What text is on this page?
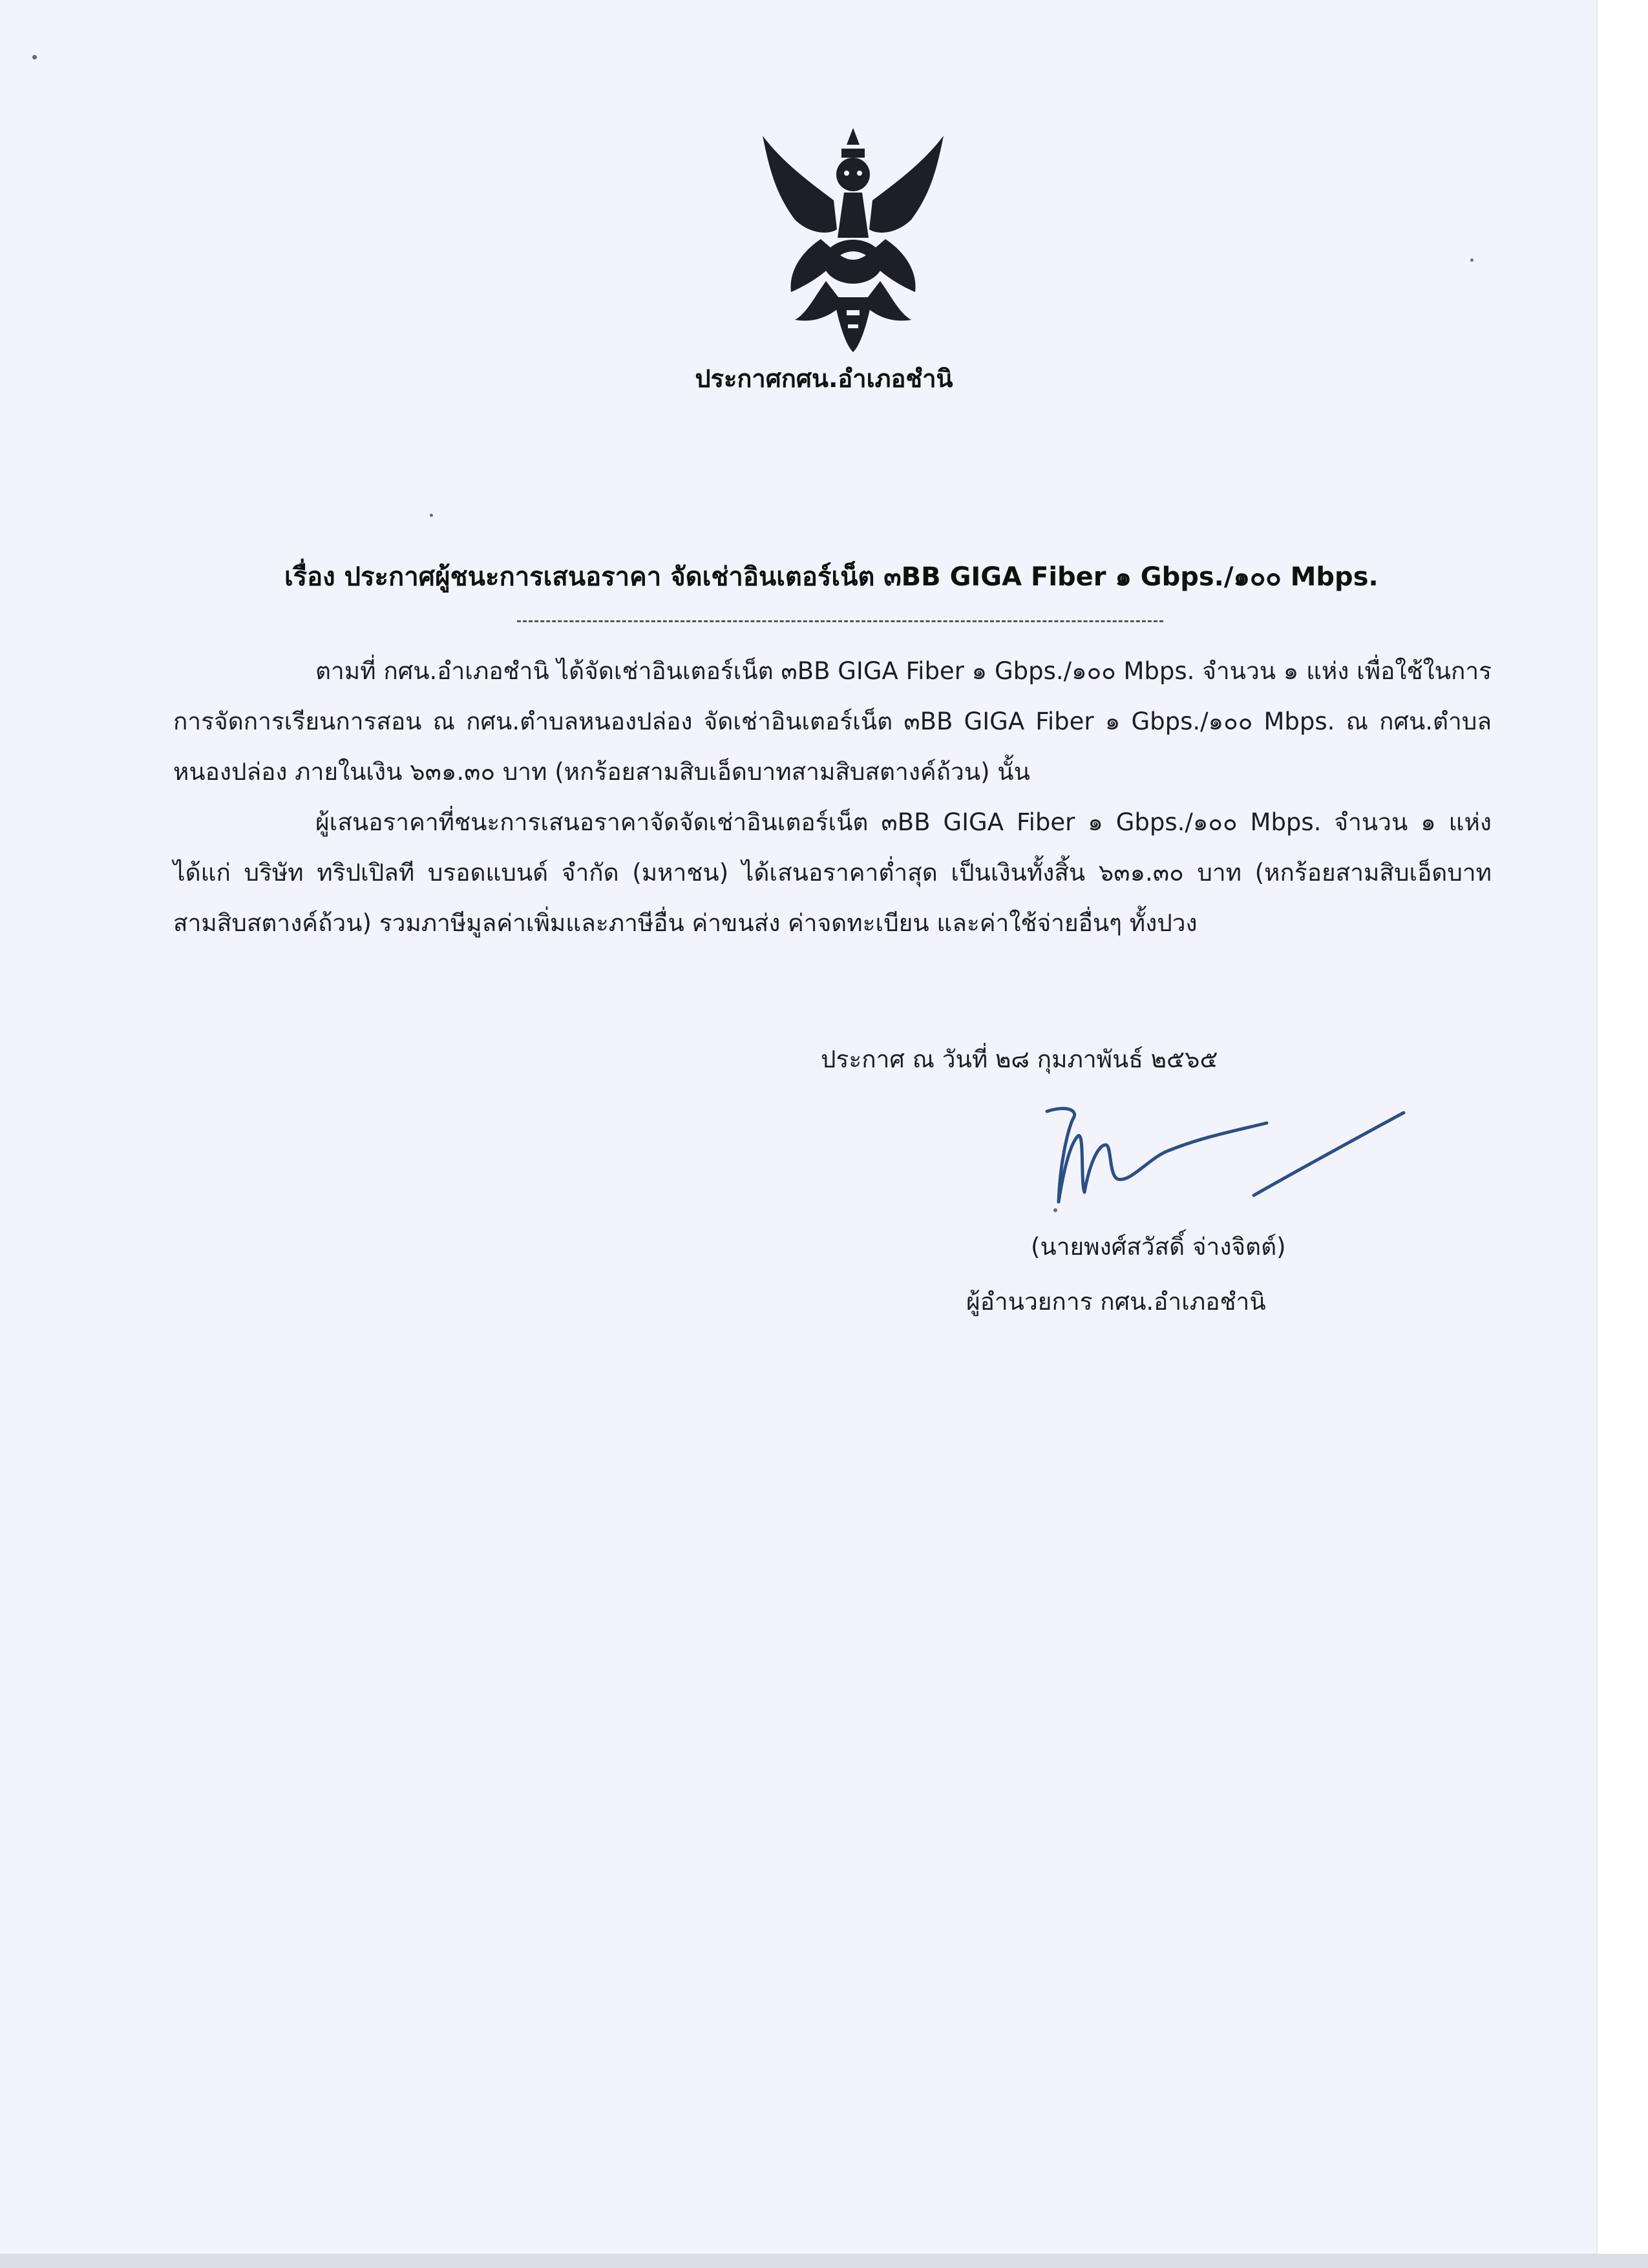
ประกาศกศน.อำเภอชำนิ
เรื่อง ประกาศผู้ชนะการเสนอราคา จัดเช่าอินเตอร์เน็ต ๓BB GIGA Fiber ๑ Gbps./๑๐๐ Mbps.

ตามที่ กศน.อำเภอชำนิ ได้จัดเช่าอินเตอร์เน็ต ๓BB GIGA Fiber ๑ Gbps./๑๐๐ Mbps. จำนวน ๑ แห่ง เพื่อใช้ในการการจัดการเรียนการสอน ณ กศน.ตำบลหนองปล่อง จัดเช่าอินเตอร์เน็ต ๓BB GIGA Fiber ๑ Gbps./๑๐๐ Mbps. ณ กศน.ตำบลหนองปล่อง ภายในเงิน ๖๓๑.๓๐ บาท (หกร้อยสามสิบเอ็ดบาทสามสิบสตางค์ถ้วน) นั้น

ผู้เสนอราคาที่ชนะการเสนอราคาจัดจัดเช่าอินเตอร์เน็ต ๓BB GIGA Fiber ๑ Gbps./๑๐๐ Mbps. จำนวน ๑ แห่ง ได้แก่ บริษัท ทริปเปิลที บรอดแบนด์ จำกัด (มหาชน) ได้เสนอราคาต่ำสุด เป็นเงินทั้งสิ้น ๖๓๑.๓๐ บาท (หกร้อยสามสิบเอ็ดบาทสามสิบสตางค์ถ้วน) รวมภาษีมูลค่าเพิ่มและภาษีอื่น ค่าขนส่ง ค่าจดทะเบียน และค่าใช้จ่ายอื่นๆ ทั้งปวง

ประกาศ ณ วันที่ ๒๘ กุมภาพันธ์ ๒๕๖๕
(นายพงศ์สวัสดิ์ จ่างจิตต์)
ผู้อำนวยการ กศน.อำเภอชำนิ
